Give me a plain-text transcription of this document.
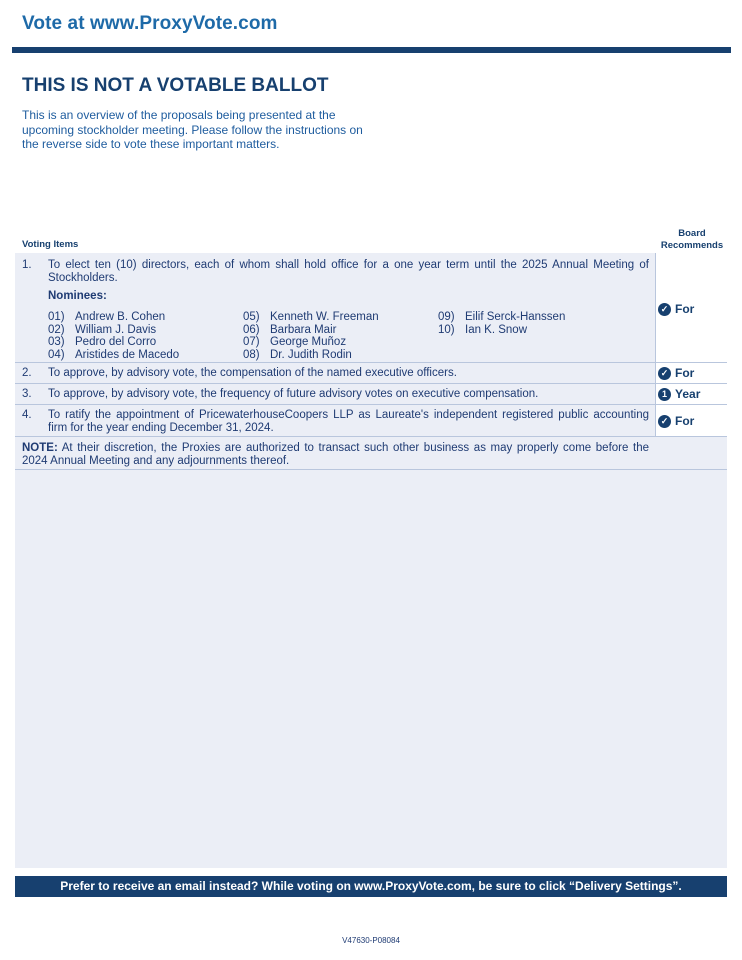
Vote at www.ProxyVote.com
THIS IS NOT A VOTABLE BALLOT
This is an overview of the proposals being presented at the
upcoming stockholder meeting. Please follow the instructions on
the reverse side to vote these important matters.
Voting Items
Board
Recommends
1. To elect ten (10) directors, each of whom shall hold office for a one year term until the 2025 Annual Meeting of Stockholders.
Nominees:
01) Andrew B. Cohen
02) William J. Davis
03) Pedro del Corro
04) Aristides de Macedo
05) Kenneth W. Freeman
06) Barbara Mair
07) George Muñoz
08) Dr. Judith Rodin
09) Eilif Serck-Hanssen
10) Ian K. Snow
✓ For
2. To approve, by advisory vote, the compensation of the named executive officers.	✓ For
3. To approve, by advisory vote, the frequency of future advisory votes on executive compensation.	1 Year
4. To ratify the appointment of PricewaterhouseCoopers LLP as Laureate's independent registered public accounting firm for the year ending December 31, 2024.
✓ For
NOTE: At their discretion, the Proxies are authorized to transact such other business as may properly come before the 2024 Annual Meeting and any adjournments thereof.
Prefer to receive an email instead? While voting on www.ProxyVote.com, be sure to click “Delivery Settings”.
V47630-P08084
